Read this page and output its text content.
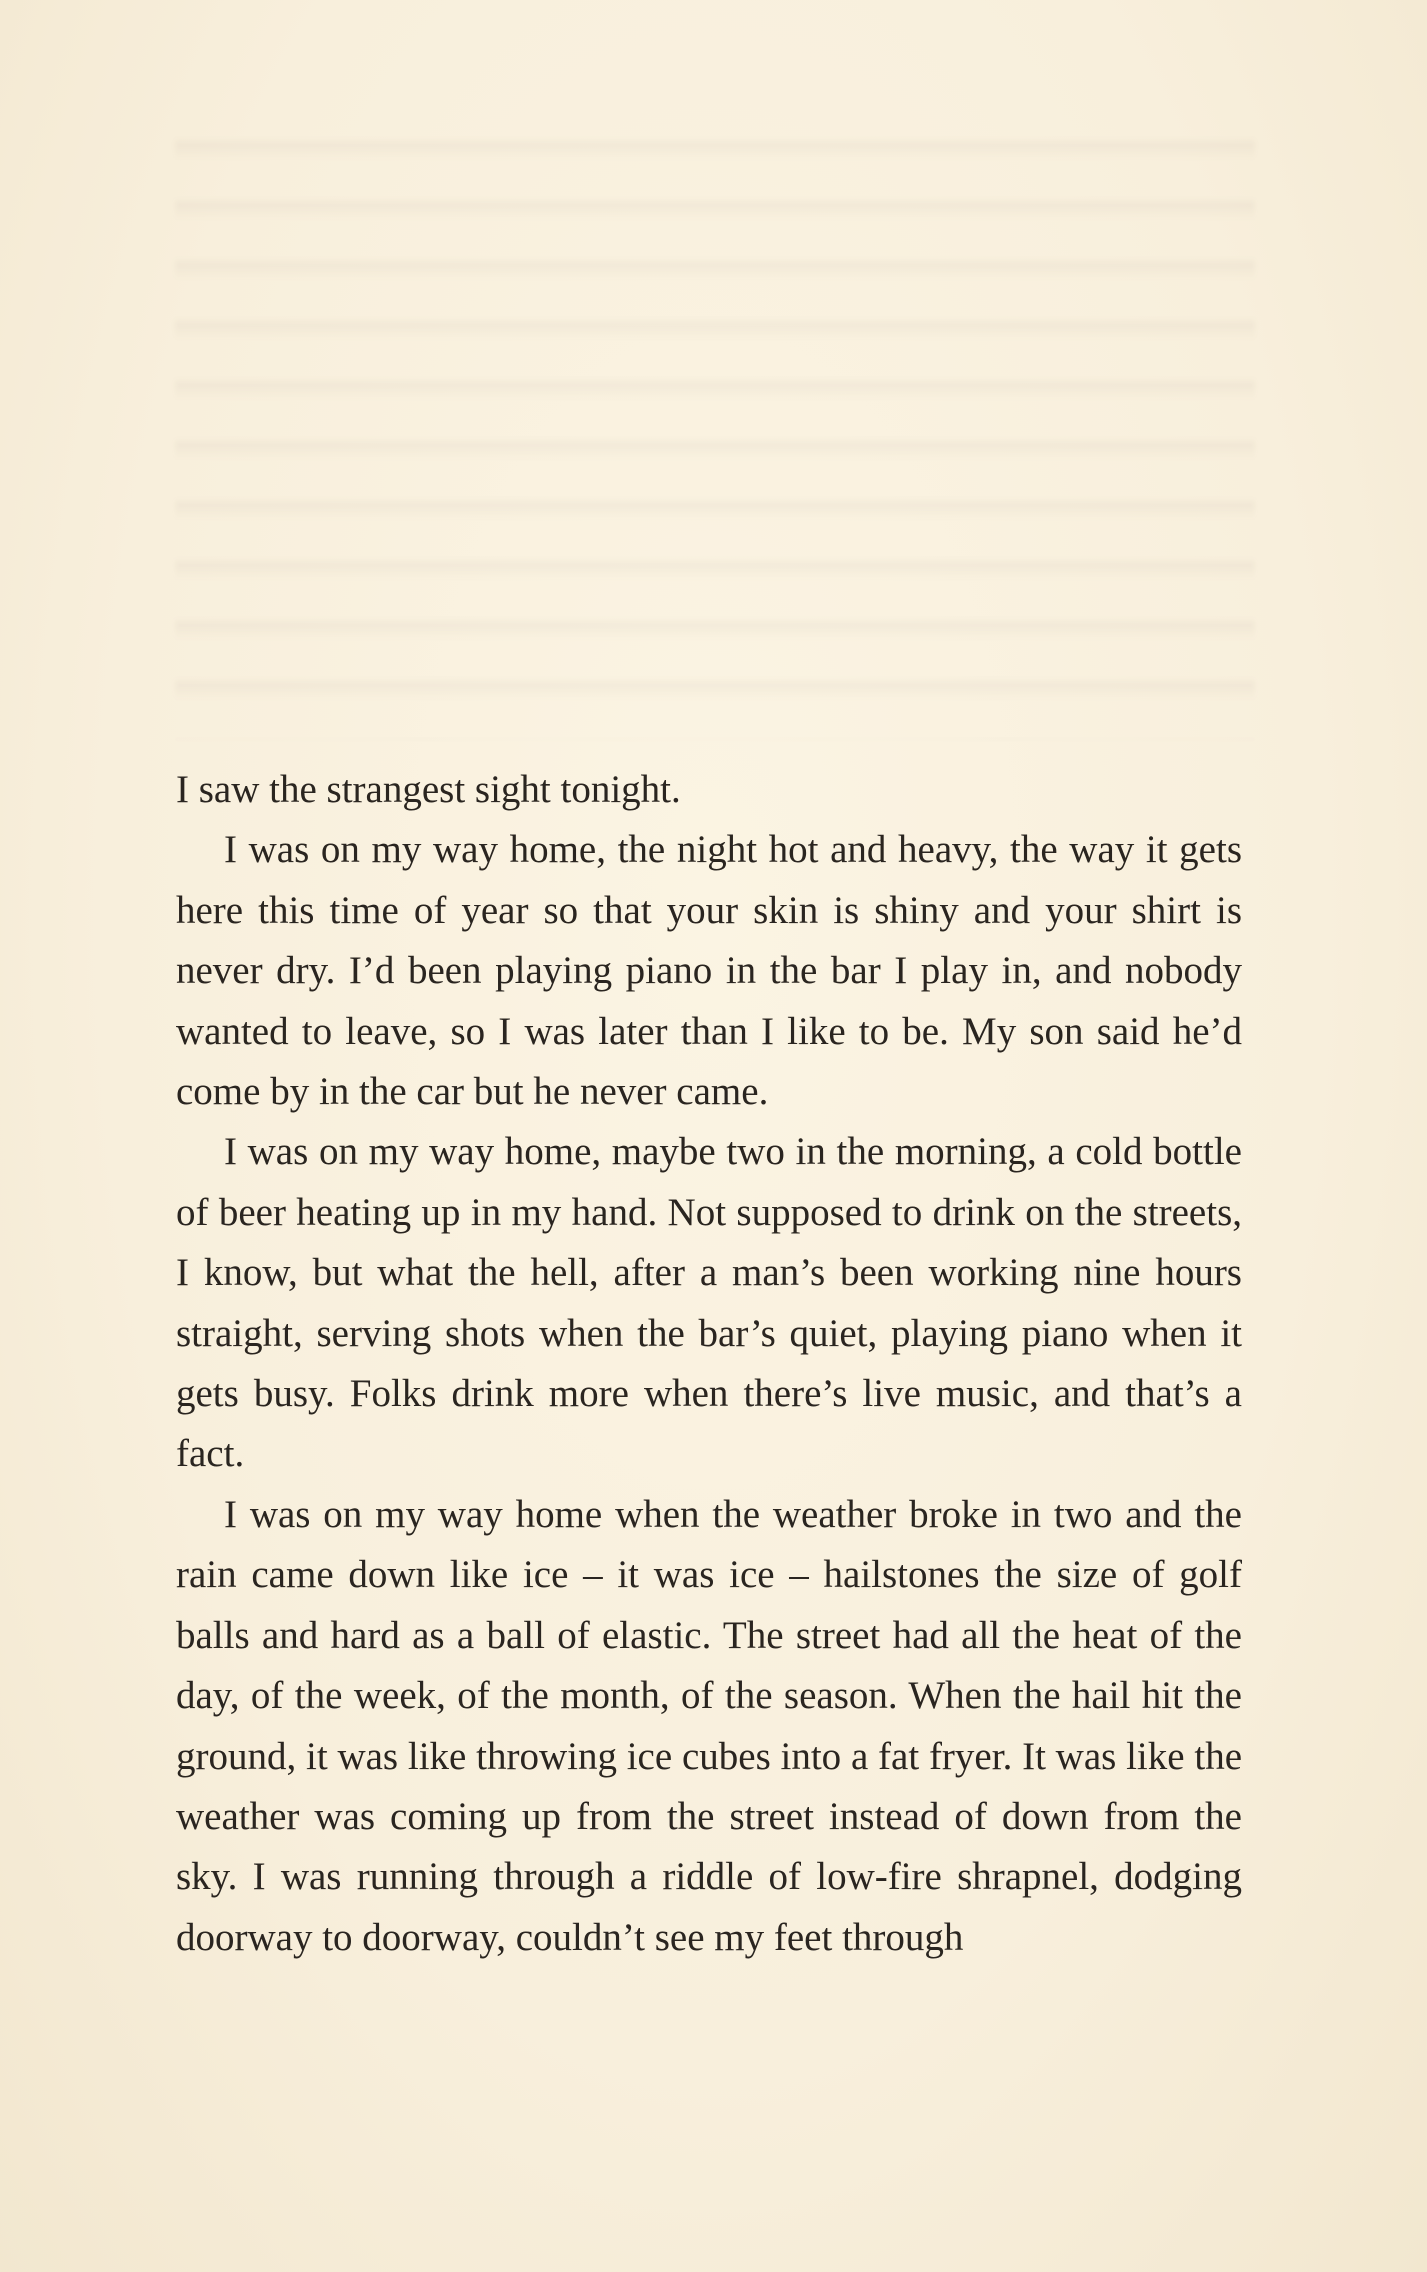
I saw the strangest sight tonight.

I was on my way home, the night hot and heavy, the way it gets here this time of year so that your skin is shiny and your shirt is never dry. I’d been playing piano in the bar I play in, and nobody wanted to leave, so I was later than I like to be. My son said he’d come by in the car but he never came.

I was on my way home, maybe two in the morning, a cold bottle of beer heating up in my hand. Not supposed to drink on the streets, I know, but what the hell, after a man’s been working nine hours straight, serving shots when the bar’s quiet, playing piano when it gets busy. Folks drink more when there’s live music, and that’s a fact.

I was on my way home when the weather broke in two and the rain came down like ice – it was ice – hailstones the size of golf balls and hard as a ball of elastic. The street had all the heat of the day, of the week, of the month, of the season. When the hail hit the ground, it was like throwing ice cubes into a fat fryer. It was like the weather was coming up from the street instead of down from the sky. I was running through a riddle of low-fire shrapnel, dodging doorway to doorway, couldn’t see my feet through
